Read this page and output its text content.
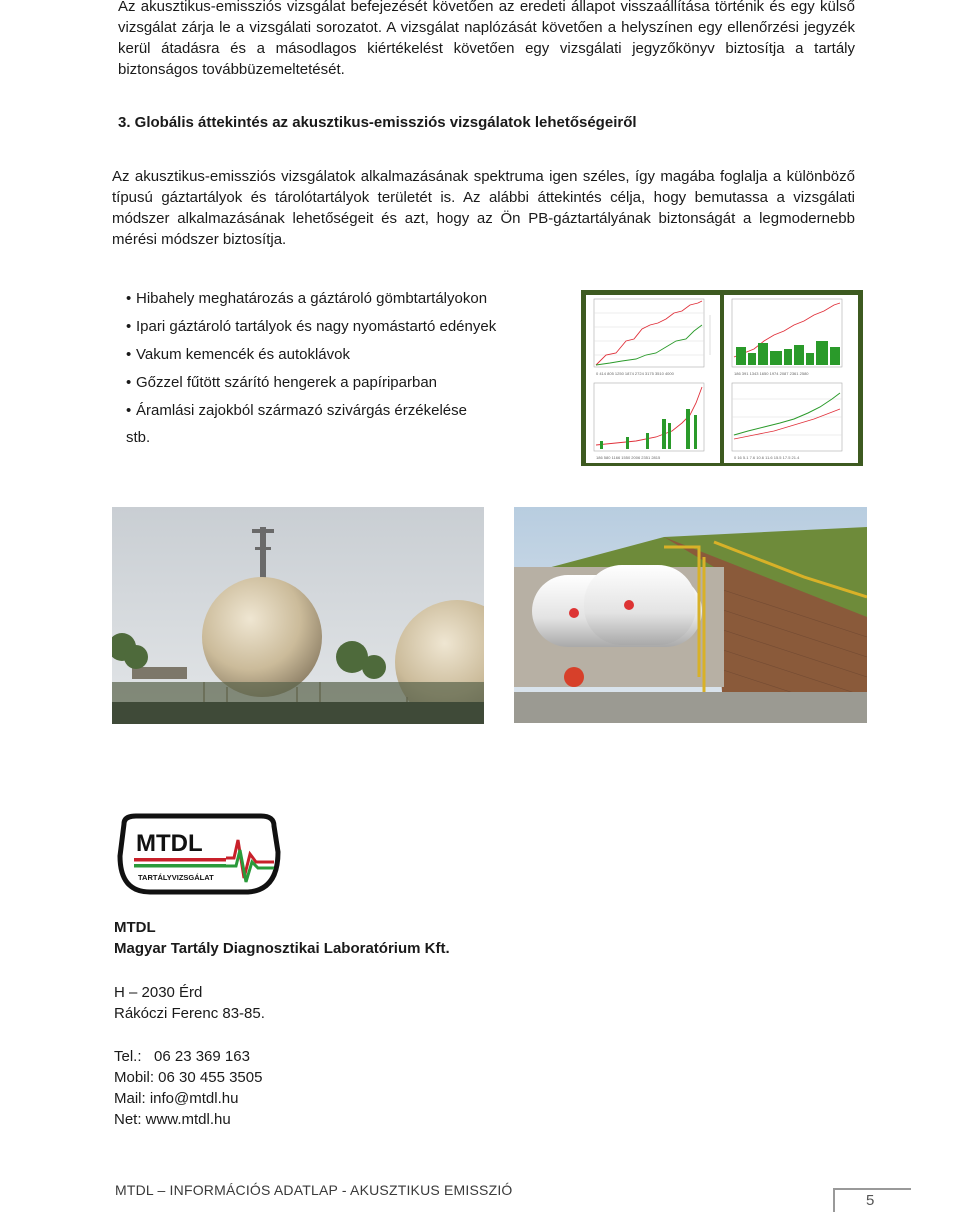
Az akusztikus-emissziós vizsgálat befejezését követően az eredeti állapot visszaállítása történik és egy külső vizsgálat zárja le a vizsgálati sorozatot. A vizsgálat naplózását követően a helyszínen egy ellenőrzési jegyzék kerül átadásra és a másodlagos kiértékelést követően egy vizsgálati jegyzőkönyv biztosítja a tartály biztonságos továbbüzemeltetését.

3. Globális áttekintés az akusztikus-emissziós vizsgálatok lehetőségeiről

Az akusztikus-emissziós vizsgálatok alkalmazásának spektruma igen széles, így magába foglalja a különböző típusú gáztartályok és tárolótartályok területét is. Az alábbi áttekintés célja, hogy bemutassa a vizsgálati módszer alkalmazásának lehetőségeit és azt, hogy az Ön PB-gáztartályának biztonságát a legmodernebb mérési módszer biztosítja.

• Hibahely meghatározás a gáztároló gömbtartályokon
• Ipari gáztároló tartályok és nagy nyomástartó edények
• Vakum kemencék és autoklávok
• Gőzzel fűtött szárító hengerek a papíriparban
• Áramlási zajokból származó szivárgás érzékelése
stb.
0 414 805 1250 1874 2724 3175 3510 4000	186 391 1343 1650 1974 2087 2361 2580
186 580 1166 1550 2006 2351 2815	0 16 5.1 7.6 10.6 11.6 15.5 17.5 21.4
MTDL
TARTÁLYVIZSGÁLAT
MTDL
Magyar Tartály Diagnosztikai Laboratórium Kft.
H – 2030 Érd
Rákóczi Ferenc 83-85.
Tel.:   06 23 369 163
Mobil: 06 30 455 3505
Mail: info@mtdl.hu
Net: www.mtdl.hu
MTDL – INFORMÁCIÓS ADATLAP - AKUSZTIKUS EMISSZIÓ
5
